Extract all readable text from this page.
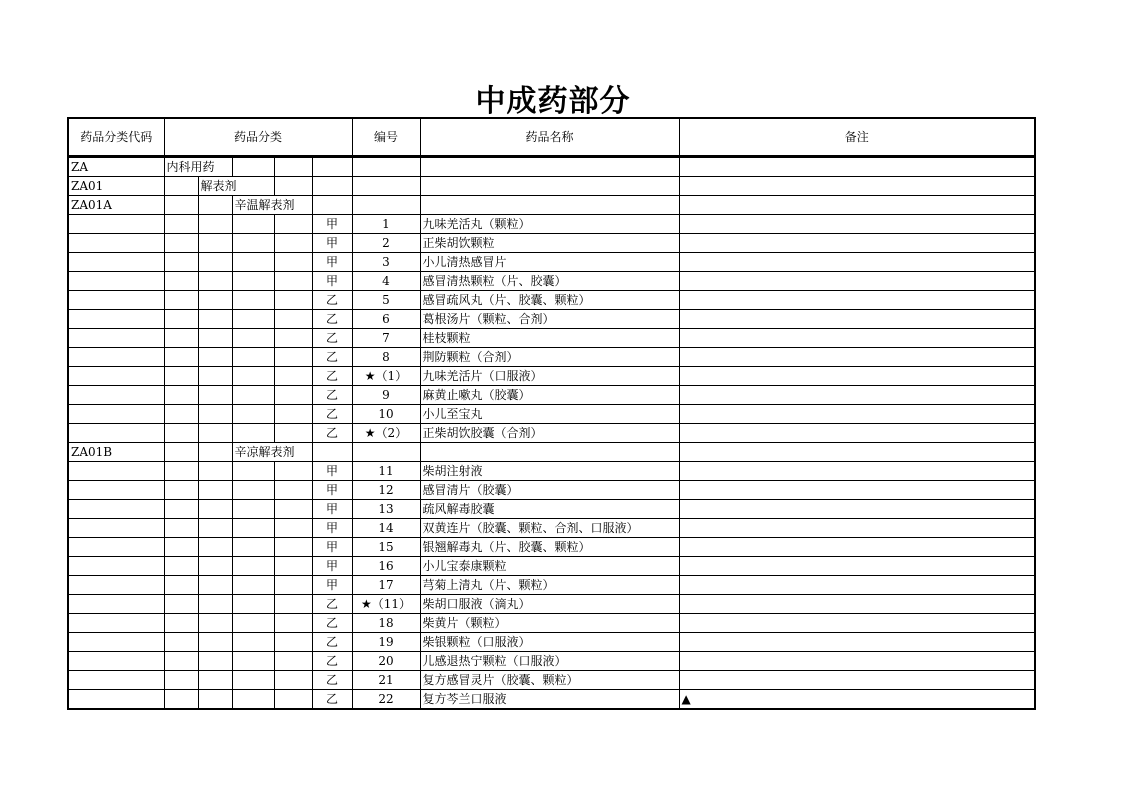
中成药部分
药品分类代码	药品分类					编号	药品名称	备注

ZA	内科用药							
ZA01		解表剂						
ZA01A			辛温解表剂					
					甲	1	九味羌活丸（颗粒）	
					甲	2	正柴胡饮颗粒	
					甲	3	小儿清热感冒片	
					甲	4	感冒清热颗粒（片、胶囊）	
					乙	5	感冒疏风丸（片、胶囊、颗粒）	
					乙	6	葛根汤片（颗粒、合剂）	
					乙	7	桂枝颗粒	
					乙	8	荆防颗粒（合剂）	
					乙	★（1）	九味羌活片（口服液）	
					乙	9	麻黄止嗽丸（胶囊）	
					乙	10	小儿至宝丸	
					乙	★（2）	正柴胡饮胶囊（合剂）	
ZA01B			辛凉解表剂					
					甲	11	柴胡注射液	
					甲	12	感冒清片（胶囊）	
					甲	13	疏风解毒胶囊	
					甲	14	双黄连片（胶囊、颗粒、合剂、口服液）	
					甲	15	银翘解毒丸（片、胶囊、颗粒）	
					甲	16	小儿宝泰康颗粒	
					甲	17	芎菊上清丸（片、颗粒）	
					乙	★（11）	柴胡口服液（滴丸）	
					乙	18	柴黄片（颗粒）	
					乙	19	柴银颗粒（口服液）	
					乙	20	儿感退热宁颗粒（口服液）	
					乙	21	复方感冒灵片（胶囊、颗粒）	
					乙	22	复方芩兰口服液	▲
